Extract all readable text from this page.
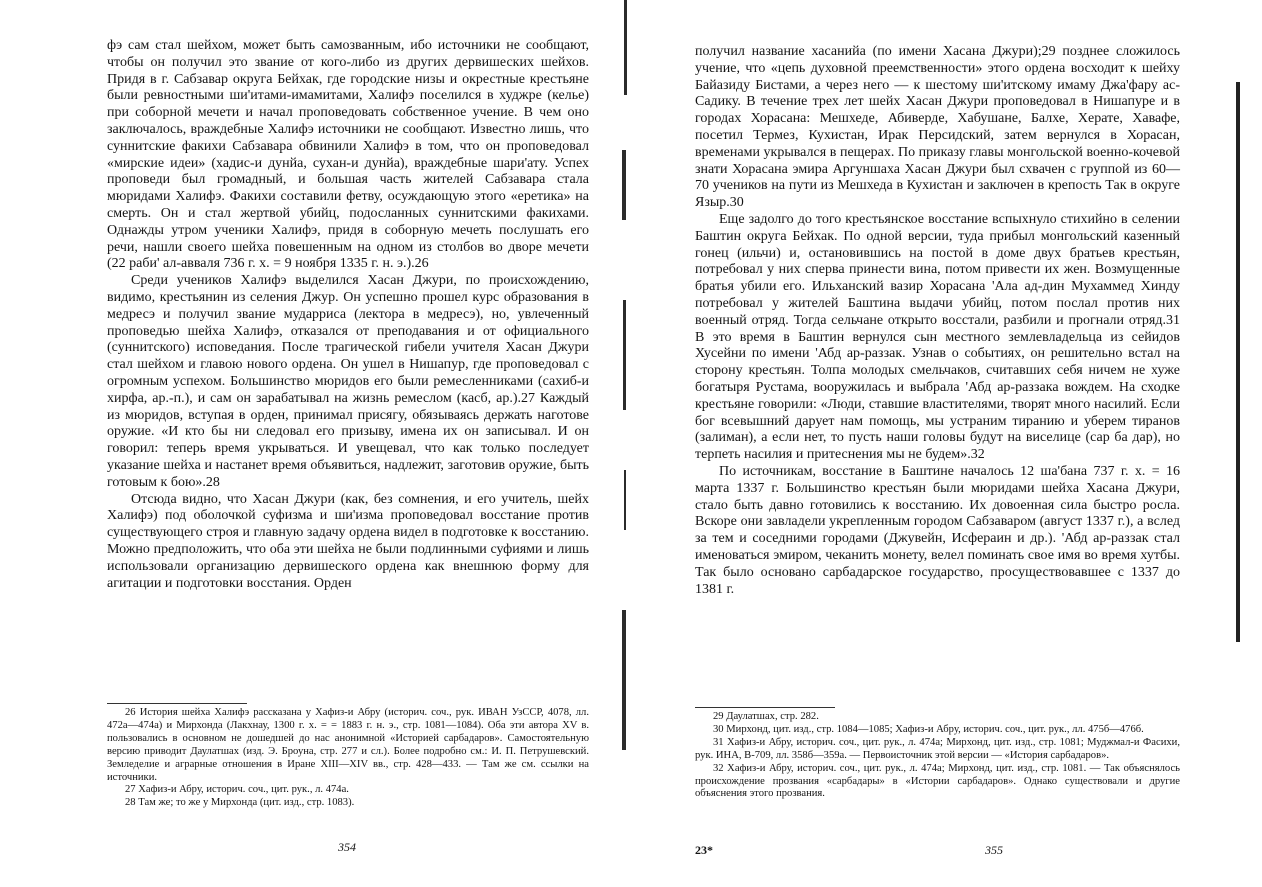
фэ сам стал шейхом, может быть самозванным, ибо источники не сообщают, чтобы он получил это звание от кого-либо из других дервишеских шейхов. Придя в г. Сабзавар округа Бейхак, где городские низы и окрестные крестьяне были ревностными ши'итами-имамитами, Халифэ поселился в худжре (келье) при соборной мечети и начал проповедовать собственное учение. В чем оно заключалось, враждебные Халифэ источники не сообщают. Известно лишь, что суннитские факихи Сабзавара обвинили Халифэ в том, что он проповедовал «мирские идеи» (хадис-и дунйа, сухан-и дунйа), враждебные шари'ату. Успех проповеди был громадный, и большая часть жителей Сабзавара стала мюридами Халифэ. Факихи составили фетву, осуждающую этого «еретика» на смерть. Он и стал жертвой убийц, подосланных суннитскими факихами. Однажды утром ученики Халифэ, придя в соборную мечеть послушать его речи, нашли своего шейха повешенным на одном из столбов во дворе мечети (22 раби' ал-авваля 736 г. х. = 9 ноября 1335 г. н. э.).26

Среди учеников Халифэ выделился Хасан Джури, по происхождению, видимо, крестьянин из селения Джур. Он успешно прошел курс образования в медресэ и получил звание мударриса (лектора в медресэ), но, увлеченный проповедью шейха Халифэ, отказался от преподавания и от официального (суннитского) исповедания. После трагической гибели учителя Хасан Джури стал шейхом и главою нового ордена. Он ушел в Нишапур, где проповедовал с огромным успехом. Большинство мюридов его были ремесленниками (сахиб-и хирфа, ар.-п.), и сам он зарабатывал на жизнь ремеслом (касб, ар.).27 Каждый из мюридов, вступая в орден, принимал присягу, обязываясь держать наготове оружие. «И кто бы ни следовал его призыву, имена их он записывал. И он говорил: теперь время укрываться. И увещевал, что как только последует указание шейха и настанет время объявиться, надлежит, заготовив оружие, быть готовым к бою».28

Отсюда видно, что Хасан Джури (как, без сомнения, и его учитель, шейх Халифэ) под оболочкой суфизма и ши'изма проповедовал восстание против существующего строя и главную задачу ордена видел в подготовке к восстанию. Можно предположить, что оба эти шейха не были подлинными суфиями и лишь использовали организацию дервишеского ордена как внешнюю форму для агитации и подготовки восстания. Орден

26 История шейха Халифэ рассказана у Хафиз-и Абру (историч. соч., рук. ИВАН УзССР, 4078, лл. 472а—474а) и Мирхонда (Лакхнау, 1300 г. х. = = 1883 г. н. э., стр. 1081—1084). Оба эти автора XV в. пользовались в основном не дошедшей до нас анонимной «Историей сарбадаров». Самостоятельную версию приводит Даулатшах (изд. Э. Броуна, стр. 277 и сл.). Более подробно см.: И. П. Петрушевский. Земледелие и аграрные отношения в Иране XIII—XIV вв., стр. 428—433. — Там же см. ссылки на источники.

27 Хафиз-и Абру, историч. соч., цит. рук., л. 474а.

28 Там же; то же у Мирхонда (цит. изд., стр. 1083).

354

получил название хасанийа (по имени Хасана Джури);29 позднее сложилось учение, что «цепь духовной преемственности» этого ордена восходит к шейху Байазиду Бистами, а через него — к шестому ши'итскому имаму Джа'фару ас-Садику. В течение трех лет шейх Хасан Джури проповедовал в Нишапуре и в городах Хорасана: Мешхеде, Абиверде, Хабушане, Балхе, Херате, Хавафе, посетил Термез, Кухистан, Ирак Персидский, затем вернулся в Хорасан, временами укрывался в пещерах. По приказу главы монгольской военно-кочевой знати Хорасана эмира Аргуншаха Хасан Джури был схвачен с группой из 60—70 учеников на пути из Мешхеда в Кухистан и заключен в крепость Так в округе Языр.30

Еще задолго до того крестьянское восстание вспыхнуло стихийно в селении Баштин округа Бейхак. По одной версии, туда прибыл монгольский казенный гонец (ильчи) и, остановившись на постой в доме двух братьев крестьян, потребовал у них сперва принести вина, потом привести их жен. Возмущенные братья убили его. Ильханский вазир Хорасана 'Ала ад-дин Мухаммед Хинду потребовал у жителей Баштина выдачи убийц, потом послал против них военный отряд. Тогда сельчане открыто восстали, разбили и прогнали отряд.31 В это время в Баштин вернулся сын местного землевладельца из сейидов Хусейни по имени 'Абд ар-раззак. Узнав о событиях, он решительно встал на сторону крестьян. Толпа молодых смельчаков, считавших себя ничем не хуже богатыря Рустама, вооружилась и выбрала 'Абд ар-раззака вождем. На сходке крестьяне говорили: «Люди, ставшие властителями, творят много насилий. Если бог всевышний дарует нам помощь, мы устраним тиранию и уберем тиранов (залиман), а если нет, то пусть наши головы будут на виселице (сар ба дар), но терпеть насилия и притеснения мы не будем».32

По источникам, восстание в Баштине началось 12 ша'бана 737 г. х. = 16 марта 1337 г. Большинство крестьян были мюридами шейха Хасана Джури, стало быть давно готовились к восстанию. Их довоенная сила быстро росла. Вскоре они завладели укрепленным городом Сабзаваром (август 1337 г.), а вслед за тем и соседними городами (Джувейн, Исфераин и др.). 'Абд ар-раззак стал именоваться эмиром, чеканить монету, велел поминать свое имя во время хутбы. Так было основано сарбадарское государство, просуществовавшее с 1337 до 1381 г.

29 Даулатшах, стр. 282.

30 Мирхонд, цит. изд., стр. 1084—1085; Хафиз-и Абру, историч. соч., цит. рук., лл. 475б—476б.

31 Хафиз-и Абру, историч. соч., цит. рук., л. 474а; Мирхонд, цит. изд., стр. 1081; Муджмал-и Фасихи, рук. ИНА, В-709, лл. 358б—359а. — Первоисточник этой версии — «История сарбадаров».

32 Хафиз-и Абру, историч. соч., цит. рук., л. 474а; Мирхонд, цит. изд., стр. 1081. — Так объяснялось происхождение прозвания «сарбадары» в «Истории сарбадаров». Однако существовали и другие объяснения этого прозвания.

23*	355
